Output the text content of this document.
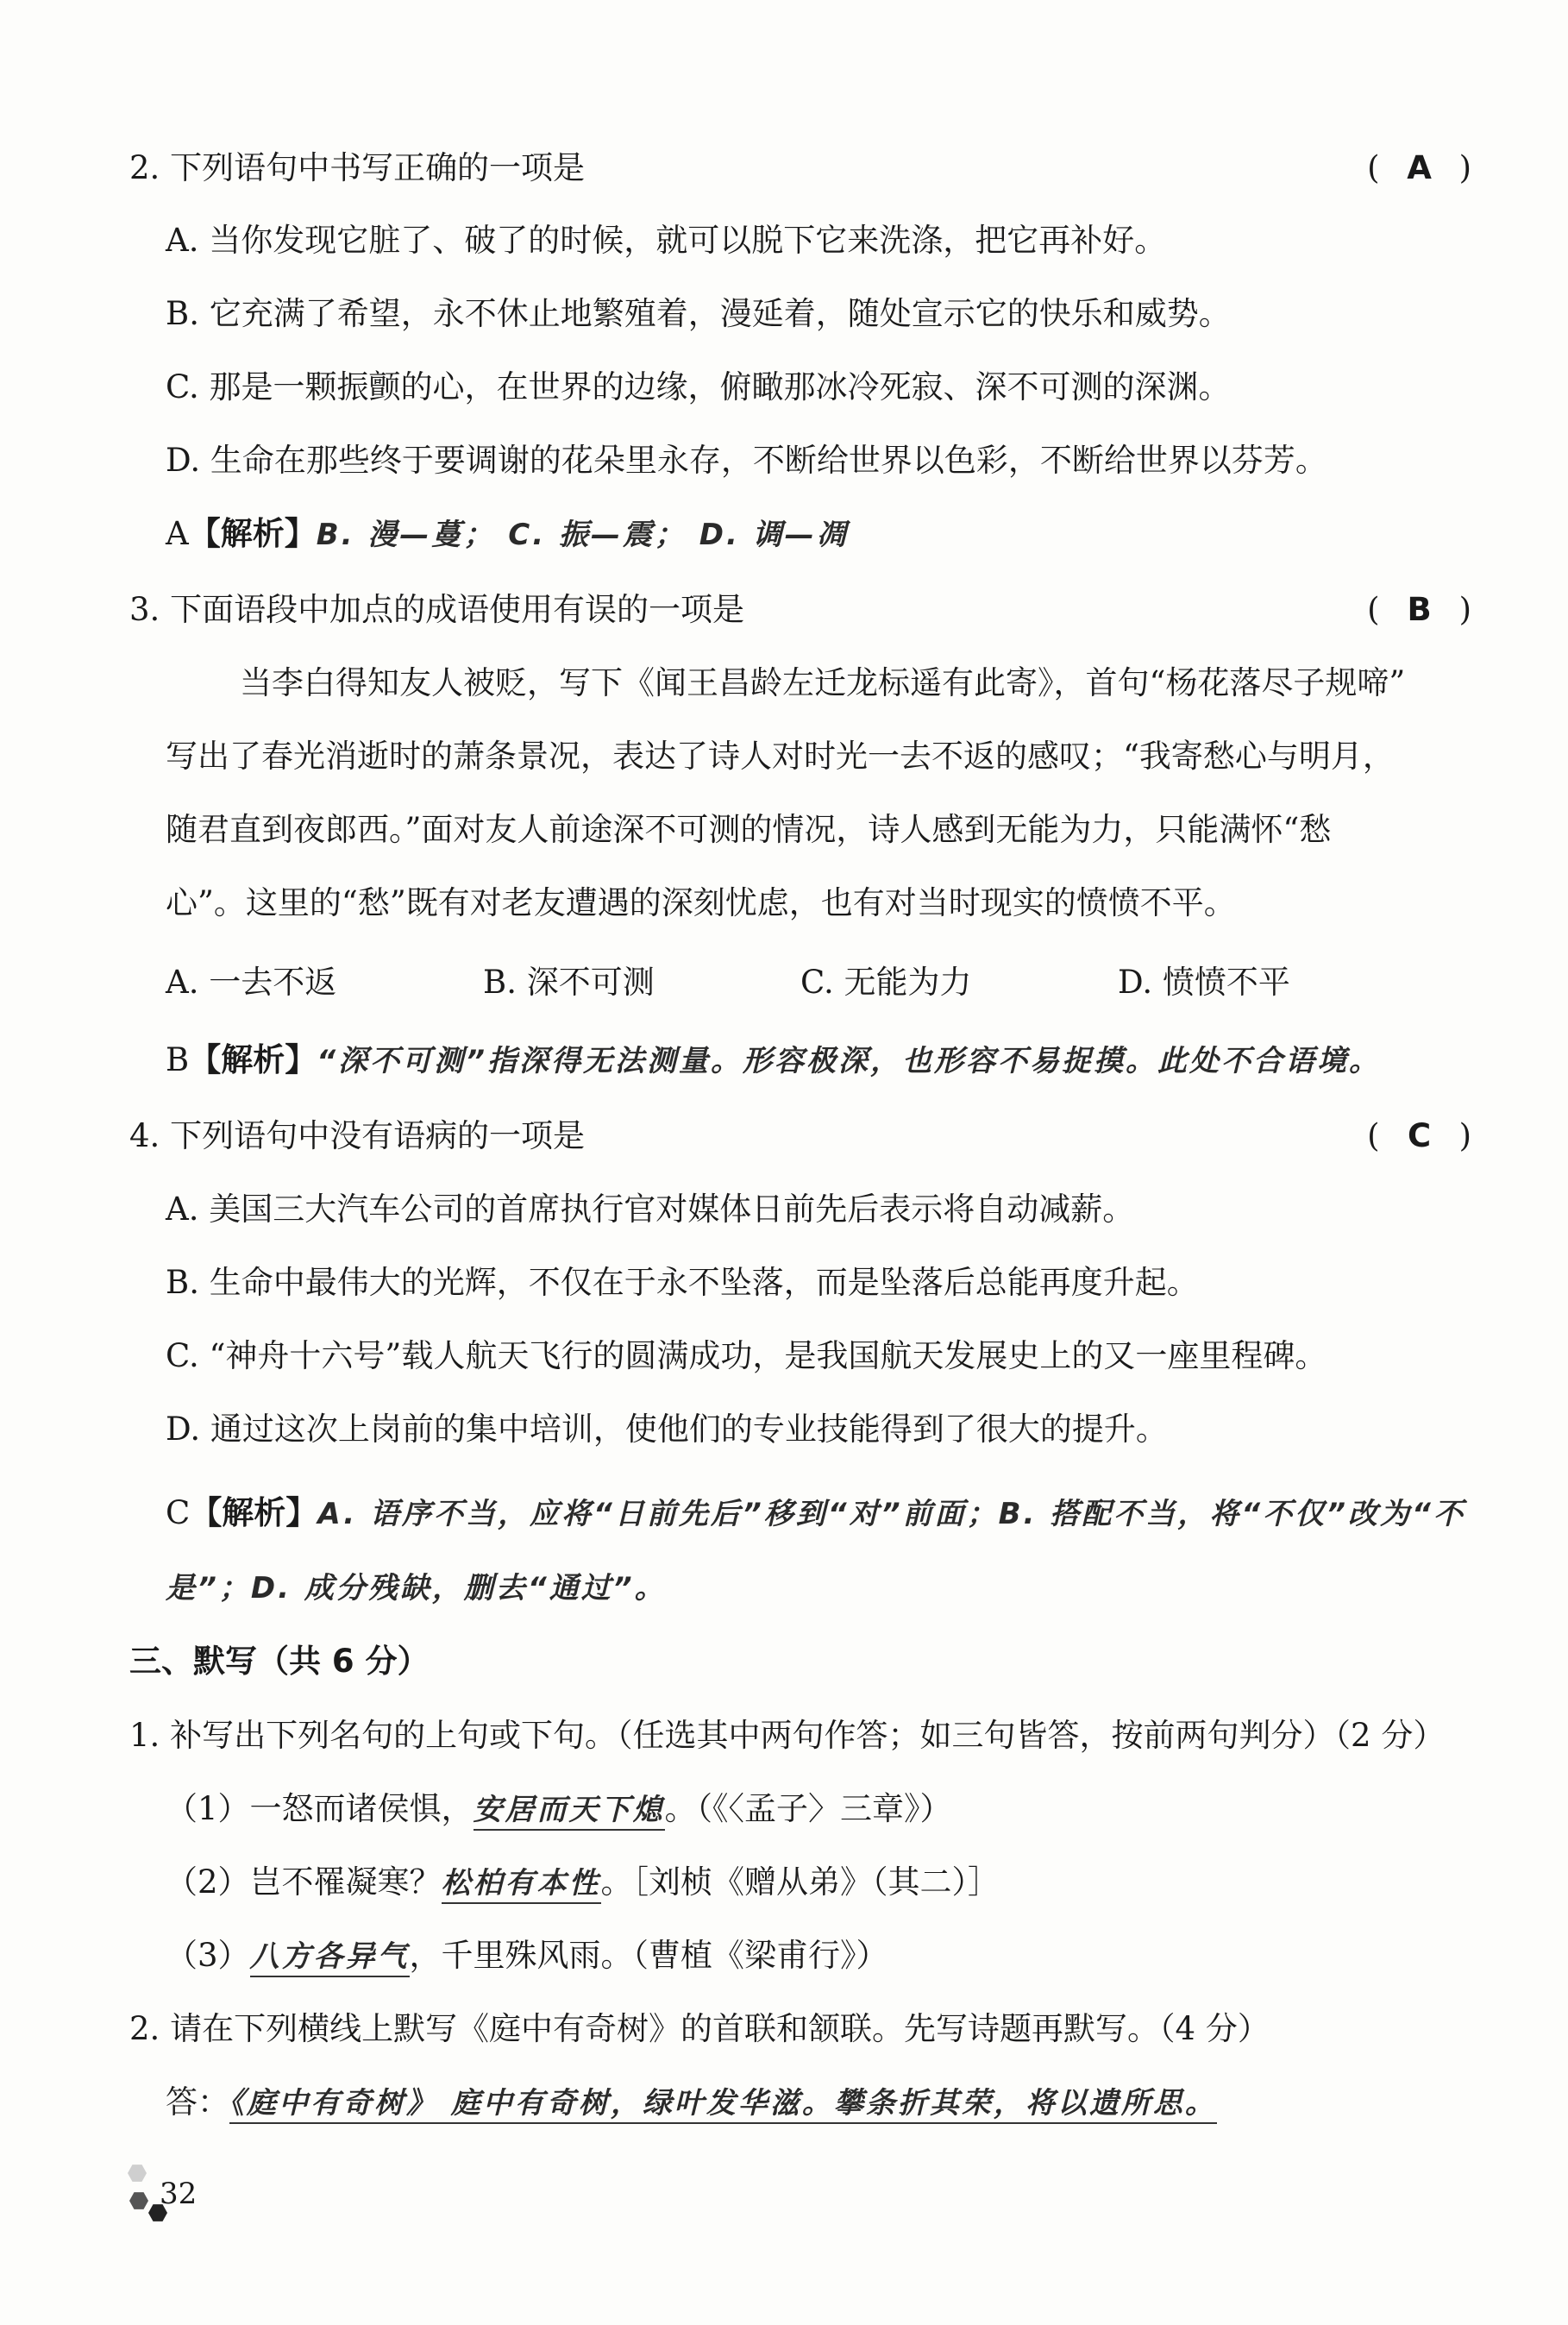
2. 下列语句中书写正确的一项是	( A )
A. 当你发现它脏了、破了的时候，就可以脱下它来洗涤，把它再补好。
B. 它充满了希望，永不休止地繁殖着，漫延着，随处宣示它的快乐和威势。
C. 那是一颗振颤的心，在世界的边缘，俯瞰那冰冷死寂、深不可测的深渊。
D. 生命在那些终于要调谢的花朵里永存，不断给世界以色彩，不断给世界以芬芳。
A【解析】B. 漫—蔓； C. 振—震； D. 调—凋
3. 下面语段中加点的成语使用有误的一项是	( B )
当李白得知友人被贬，写下《闻王昌龄左迁龙标遥有此寄》，首句“杨花落尽子规啼”
写出了春光消逝时的萧条景况，表达了诗人对时光一去不返的感叹；“我寄愁心与明月，
随君直到夜郎西。”面对友人前途深不可测的情况，诗人感到无能为力，只能满怀“愁
心”。这里的“愁”既有对老友遭遇的深刻忧虑，也有对当时现实的愤愤不平。
A. 一去不返	B. 深不可测	C. 无能为力	D. 愤愤不平
B【解析】“深不可测”指深得无法测量。形容极深，也形容不易捉摸。此处不合语境。
4. 下列语句中没有语病的一项是	( C )
A. 美国三大汽车公司的首席执行官对媒体日前先后表示将自动减薪。
B. 生命中最伟大的光辉，不仅在于永不坠落，而是坠落后总能再度升起。
C. “神舟十六号”载人航天飞行的圆满成功，是我国航天发展史上的又一座里程碑。
D. 通过这次上岗前的集中培训，使他们的专业技能得到了很大的提升。
C【解析】A. 语序不当，应将“日前先后”移到“对”前面；B. 搭配不当，将“不仅”改为“不
是”；D. 成分残缺，删去“通过”。
三、默写（共 6 分）
1. 补写出下列名句的上句或下句。（任选其中两句作答；如三句皆答，按前两句判分）（2 分）
（1）一怒而诸侯惧，安居而天下熄。（《〈孟子〉三章》）
（2）岂不罹凝寒？松柏有本性。［刘桢《赠从弟》（其二）］
（3）八方各异气，千里殊风雨。（曹植《梁甫行》）
2. 请在下列横线上默写《庭中有奇树》的首联和颔联。先写诗题再默写。（4 分）
答：《庭中有奇树》 庭中有奇树，绿叶发华滋。攀条折其荣，将以遗所思。
32
